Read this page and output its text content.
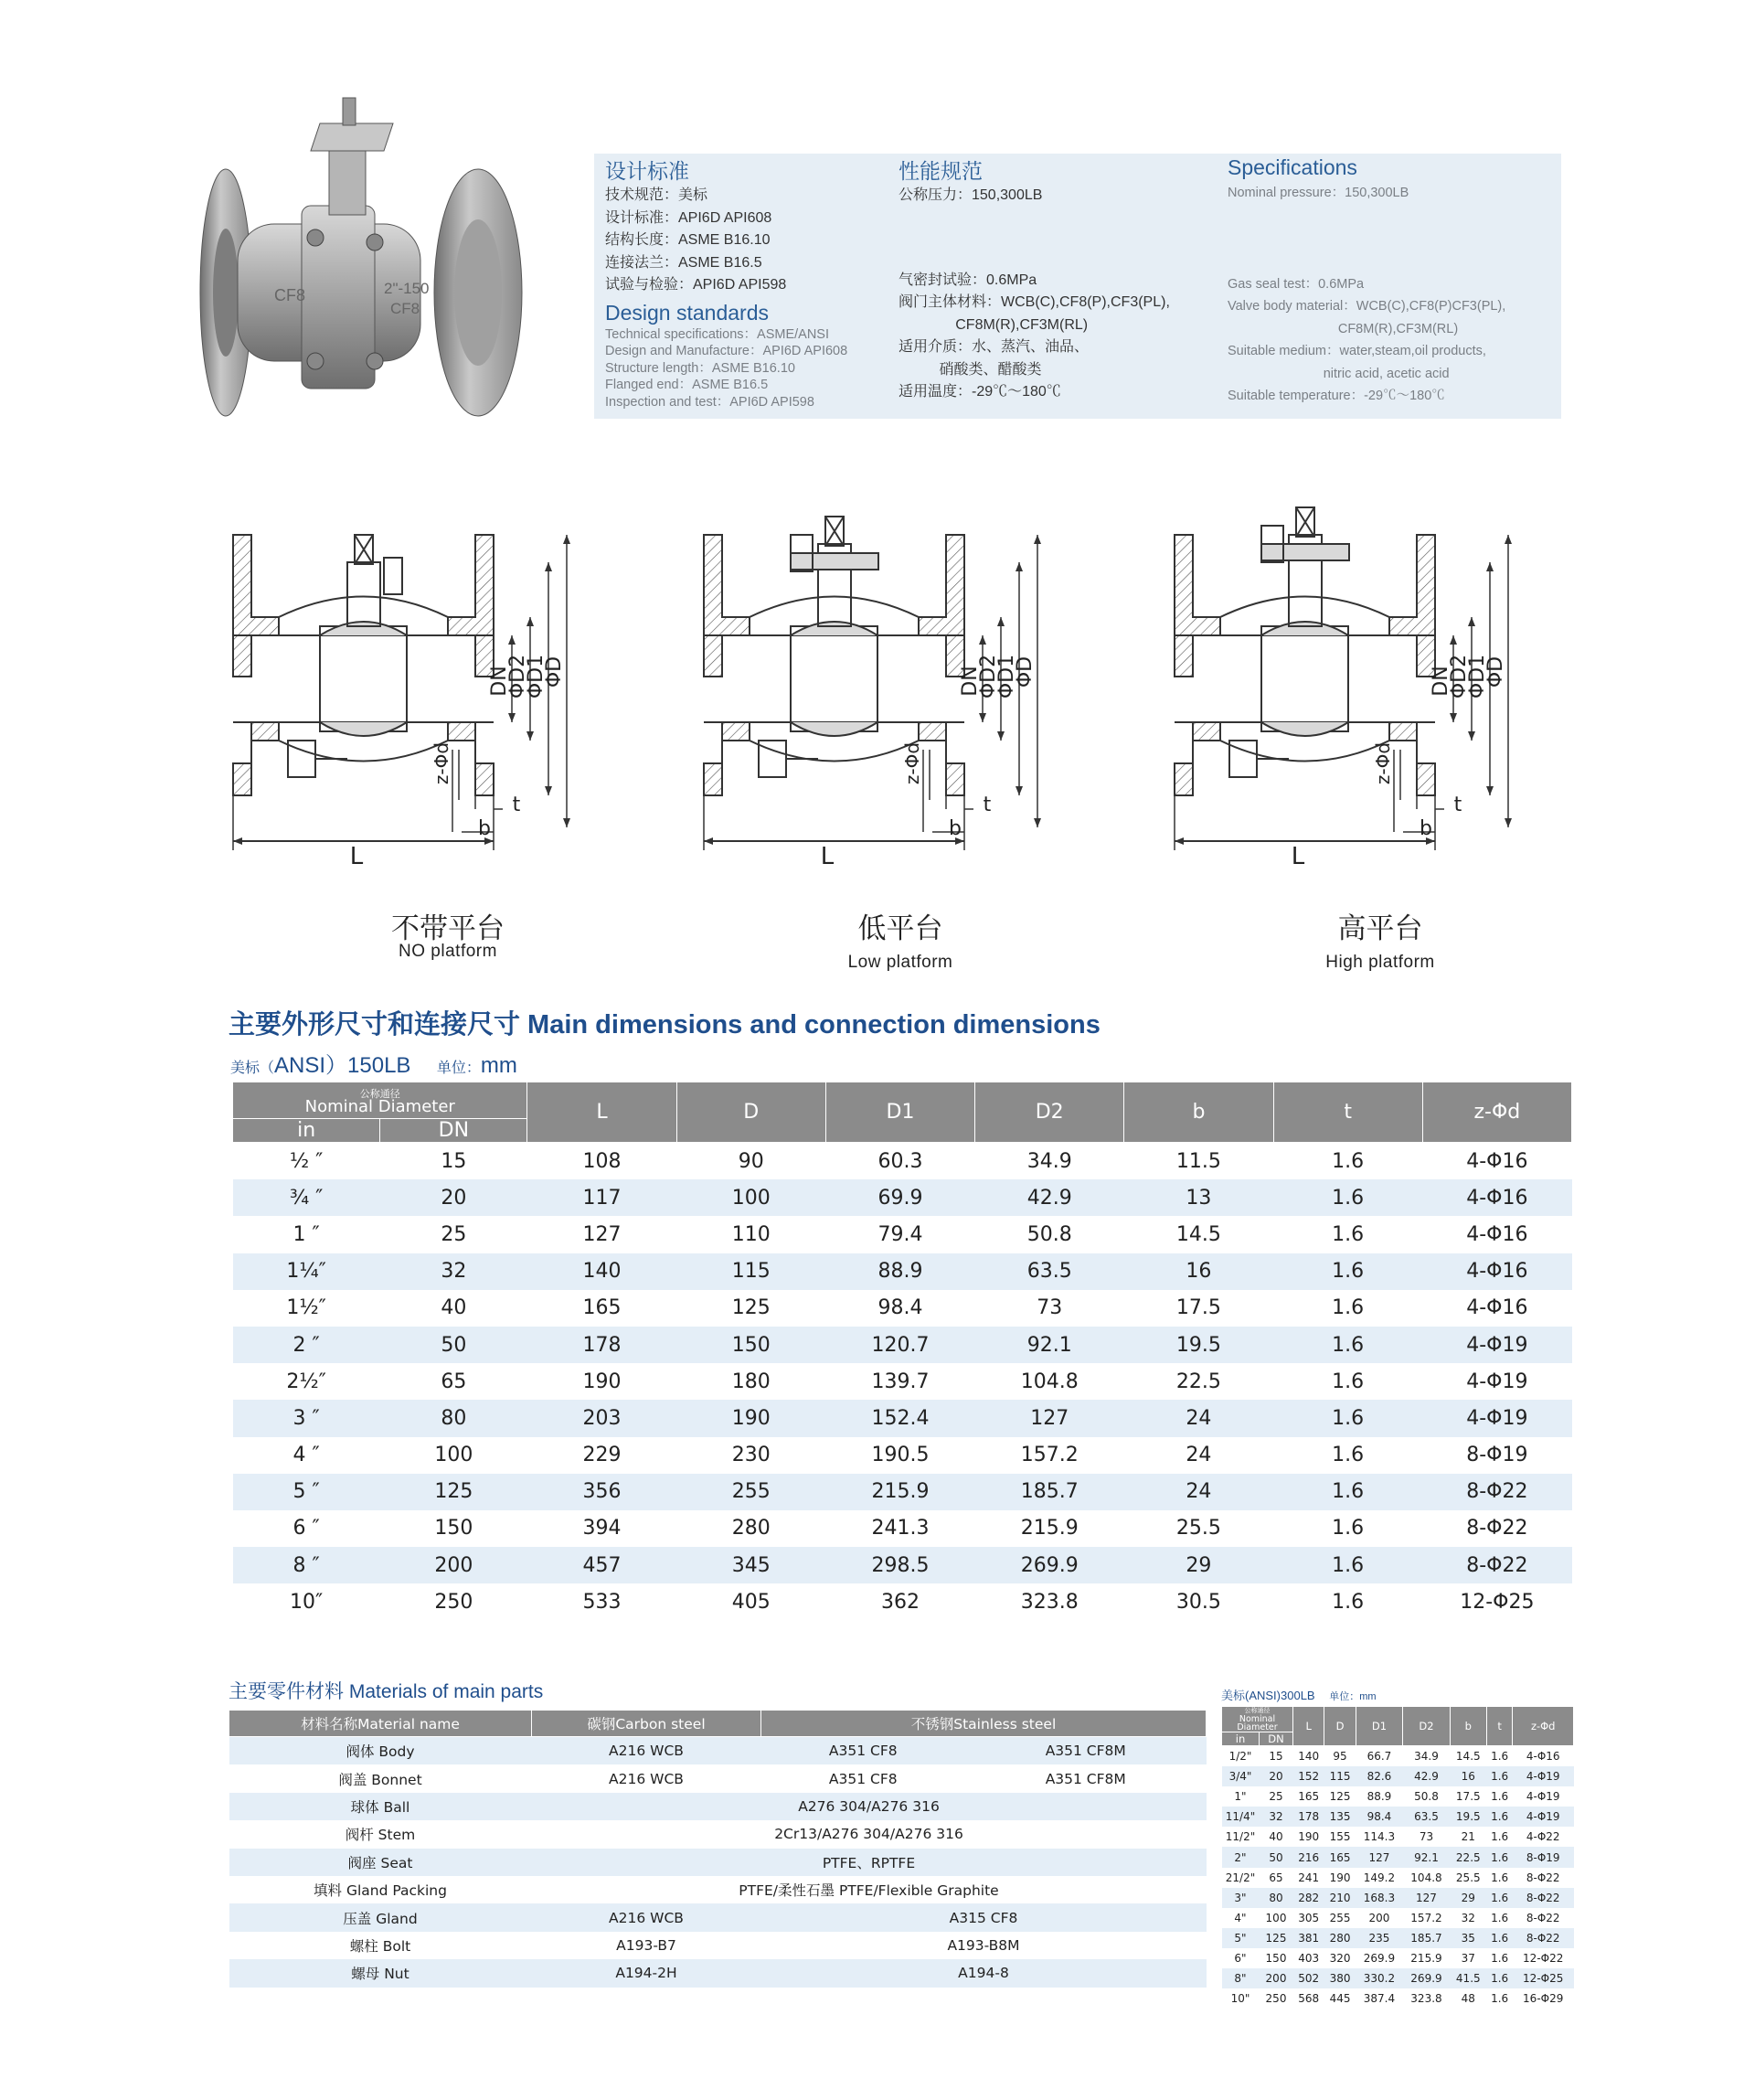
CF8	2"-150
CF8
设计标准
技术规范：美标
设计标准：API6D API608
结构长度：ASME B16.10
连接法兰：ASME B16.5
试验与检验：API6D API598
Design standards
Technical specifications：ASME/ANSI
Design and Manufacture：API6D API608
Structure length：ASME B16.10
Flanged end：ASME B16.5
Inspection and test：API6D API598
性能规范
公称压力：150,300LB
气密封试验：0.6MPa
阀门主体材料：WCB(C),CF8(P),CF3(PL),
CF8M(R),CF3M(RL)
适用介质：水、蒸汽、油品、
硝酸类、醋酸类
适用温度：-29℃～180℃
Specifications
Nominal pressure：150,300LB
Gas seal test：0.6MPa
Valve body material：WCB(C),CF8(P)CF3(PL),
CF8M(R),CF3M(RL)
Suitable medium：water,steam,oil products,
nitric acid, acetic acid
Suitable temperature：-29℃～180℃
DN
ΦD2
ΦD1
ΦD
z-Φd
t
b
L
DN
ΦD2
ΦD1
ΦD
z-Φd
t
b
L
DN
ΦD2
ΦD1
ΦD
z-Φd
t
b
L
不带平台
NO platform
低平台
Low platform
高平台
High platform
主要外形尺寸和连接尺寸 Main dimensions and connection dimensions
美标（ANSI）150LB 单位：mm
公称通径
Nominal Diameter		L	D	D1	D2	b	t	z-Φd
in	DN							
½ ″	15	108	90	60.3	34.9	11.5	1.6	4-Φ16
¾ ″	20	117	100	69.9	42.9	13	1.6	4-Φ16
1 ″	25	127	110	79.4	50.8	14.5	1.6	4-Φ16
1¼″	32	140	115	88.9	63.5	16	1.6	4-Φ16
1½″	40	165	125	98.4	73	17.5	1.6	4-Φ16
2 ″	50	178	150	120.7	92.1	19.5	1.6	4-Φ19
2½″	65	190	180	139.7	104.8	22.5	1.6	4-Φ19
3 ″	80	203	190	152.4	127	24	1.6	4-Φ19
4 ″	100	229	230	190.5	157.2	24	1.6	8-Φ19
5 ″	125	356	255	215.9	185.7	24	1.6	8-Φ22
6 ″	150	394	280	241.3	215.9	25.5	1.6	8-Φ22
8 ″	200	457	345	298.5	269.9	29	1.6	8-Φ22
10″	250	533	405	362	323.8	30.5	1.6	12-Φ25
主要零件材料 Materials of main parts
材料名称Material name	碳钢Carbon steel	不锈钢Stainless steel	
阀体 Body	A216 WCB	A351 CF8	A351 CF8M
阀盖 Bonnet	A216 WCB	A351 CF8	A351 CF8M
球体 Ball	A276 304/A276 316		
阀杆 Stem	2Cr13/A276 304/A276 316		
阀座 Seat	PTFE、RPTFE		
填料 Gland Packing	PTFE/柔性石墨 PTFE/Flexible Graphite		
压盖 Gland	A216 WCB	A315 CF8	
螺柱 Bolt	A193-B7	A193-B8M	
螺母 Nut	A194-2H	A194-8	
美标(ANSI)300LB 单位：mm
公称通径
Nominal Diameter		L	D	D1	D2	b	t	z-Φd
in	DN							
1/2"	15	140	95	66.7	34.9	14.5	1.6	4-Φ16
3/4"	20	152	115	82.6	42.9	16	1.6	4-Φ19
1"	25	165	125	88.9	50.8	17.5	1.6	4-Φ19
11/4"	32	178	135	98.4	63.5	19.5	1.6	4-Φ19
11/2"	40	190	155	114.3	73	21	1.6	4-Φ22
2"	50	216	165	127	92.1	22.5	1.6	8-Φ19
21/2"	65	241	190	149.2	104.8	25.5	1.6	8-Φ22
3"	80	282	210	168.3	127	29	1.6	8-Φ22
4"	100	305	255	200	157.2	32	1.6	8-Φ22
5"	125	381	280	235	185.7	35	1.6	8-Φ22
6"	150	403	320	269.9	215.9	37	1.6	12-Φ22
8"	200	502	380	330.2	269.9	41.5	1.6	12-Φ25
10"	250	568	445	387.4	323.8	48	1.6	16-Φ29
